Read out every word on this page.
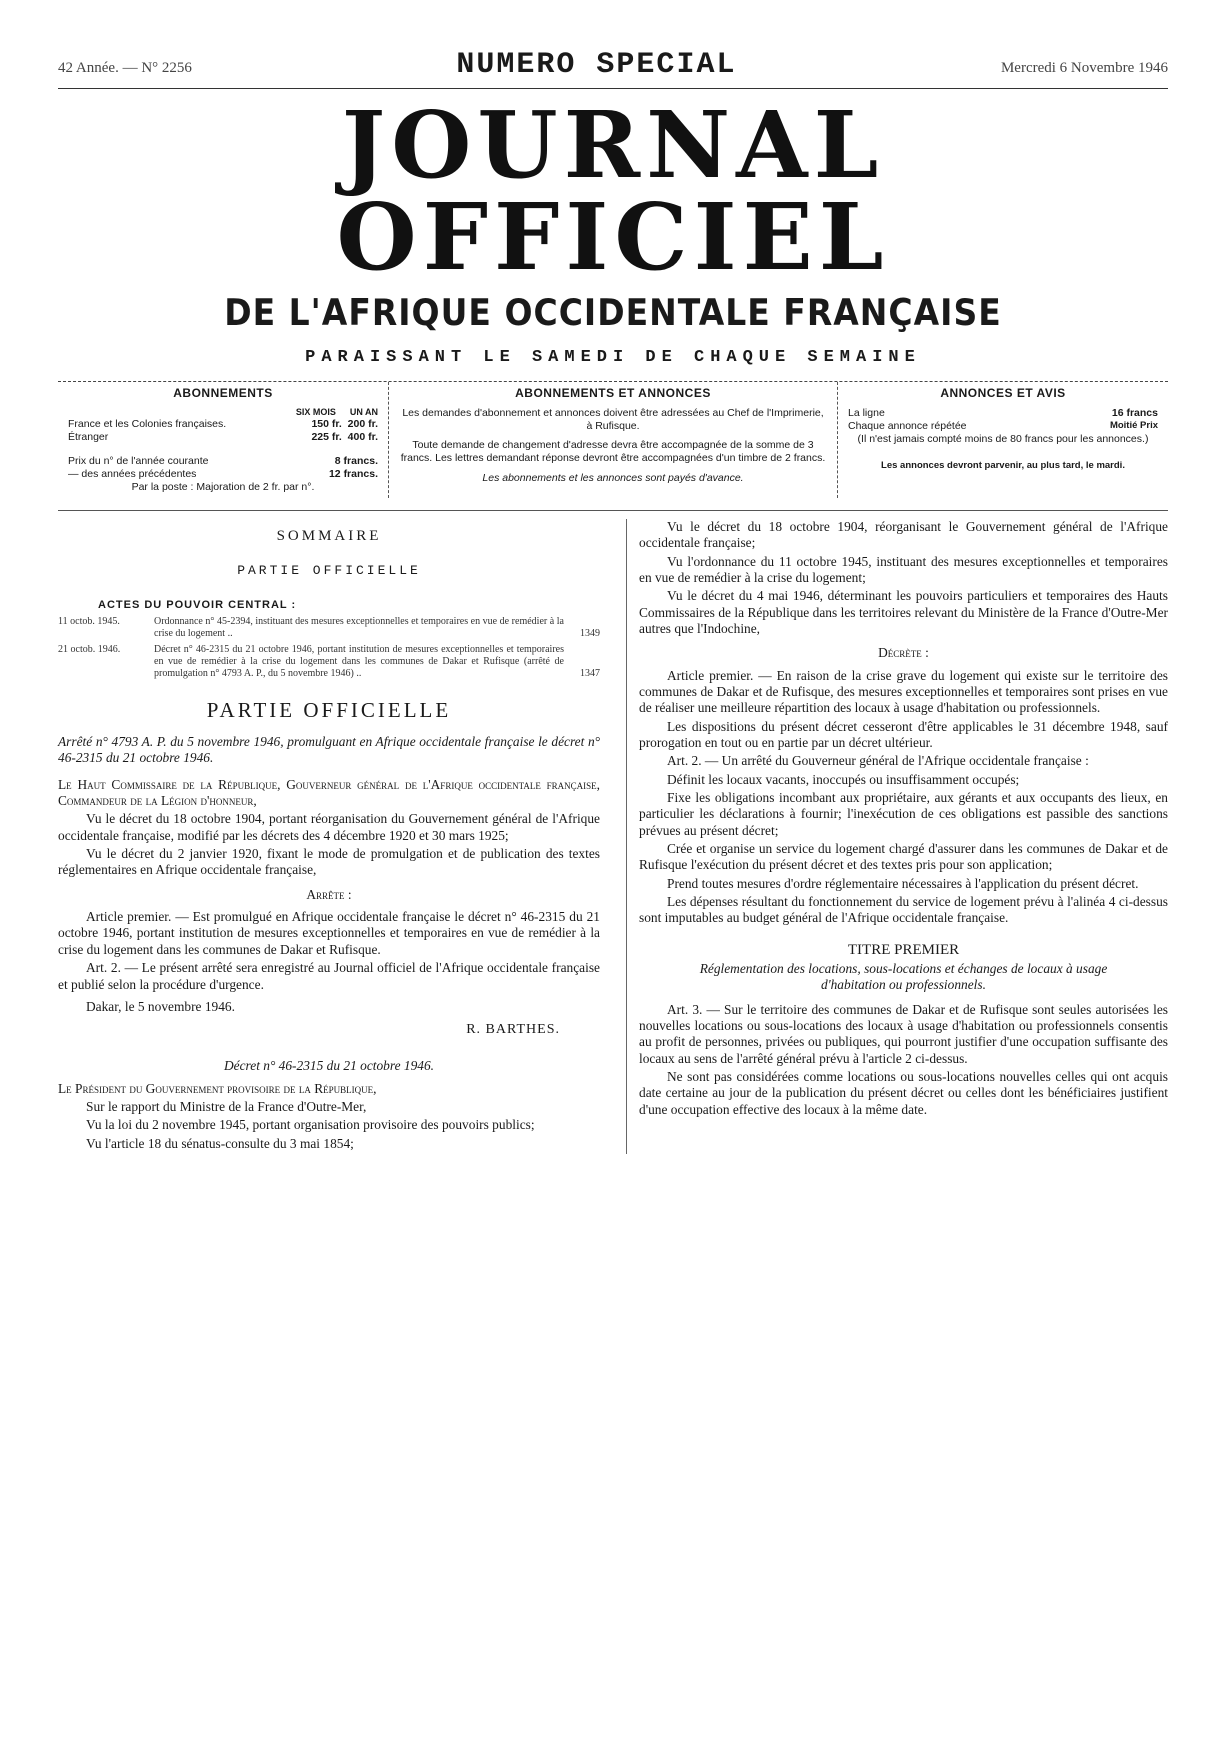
42 Année. — N° 2256	NUMERO SPECIAL	Mercredi 6 Novembre 1946
JOURNAL OFFICIEL
DE L'AFRIQUE OCCIDENTALE FRANÇAISE
PARAISSANT LE SAMEDI DE CHAQUE SEMAINE
ABONNEMENTS
SIX MOIS UN AN
France et les Colonies françaises.	150 fr. 200 fr.
Étranger	225 fr. 400 fr.
Prix du n° de l'année courante	8 francs.
— des années précédentes	12 francs.
Par la poste : Majoration de 2 fr. par n°.
ABONNEMENTS ET ANNONCES
Les demandes d'abonnement et annonces doivent être adressées au Chef de l'Imprimerie, à Rufisque.
Toute demande de changement d'adresse devra être accompagnée de la somme de 3 francs. Les lettres demandant réponse devront être accompagnées d'un timbre de 2 francs.
Les abonnements et les annonces sont payés d'avance.
ANNONCES ET AVIS
La ligne	16 francs
Chaque annonce répétée	Moitié Prix
(Il n'est jamais compté moins de 80 francs pour les annonces.)
Les annonces devront parvenir, au plus tard, le mardi.
SOMMAIRE
PARTIE OFFICIELLE
ACTES DU POUVOIR CENTRAL :
11 octob. 1945.	Ordonnance n° 45-2394, instituant des mesures exceptionnelles et temporaires en vue de remédier à la crise du logement ..	1349
21 octob. 1946.	Décret n° 46-2315 du 21 octobre 1946, portant institution de mesures exceptionnelles et temporaires en vue de remédier à la crise du logement dans les communes de Dakar et Rufisque (arrêté de promulgation n° 4793 A. P., du 5 novembre 1946) ..	1347
PARTIE OFFICIELLE

Arrêté n° 4793 A. P. du 5 novembre 1946, promulguant en Afrique occidentale française le décret n° 46-2315 du 21 octobre 1946.

Le Haut Commissaire de la République, Gouverneur général de l'Afrique occidentale française, Commandeur de la Légion d'honneur,

Vu le décret du 18 octobre 1904, portant réorganisation du Gouvernement général de l'Afrique occidentale française, modifié par les décrets des 4 décembre 1920 et 30 mars 1925;

Vu le décret du 2 janvier 1920, fixant le mode de promulgation et de publication des textes réglementaires en Afrique occidentale française,

Arrête :

Article premier. — Est promulgué en Afrique occidentale française le décret n° 46-2315 du 21 octobre 1946, portant institution de mesures exceptionnelles et temporaires en vue de remédier à la crise du logement dans les communes de Dakar et Rufisque.

Art. 2. — Le présent arrêté sera enregistré au Journal officiel de l'Afrique occidentale française et publié selon la procédure d'urgence.

Dakar, le 5 novembre 1946.

R. BARTHES.
Décret n° 46-2315 du 21 octobre 1946.

Le Président du Gouvernement provisoire de la République,

Sur le rapport du Ministre de la France d'Outre-Mer,

Vu la loi du 2 novembre 1945, portant organisation provisoire des pouvoirs publics;

Vu l'article 18 du sénatus-consulte du 3 mai 1854;

Vu le décret du 18 octobre 1904, réorganisant le Gouvernement général de l'Afrique occidentale française;

Vu l'ordonnance du 11 octobre 1945, instituant des mesures exceptionnelles et temporaires en vue de remédier à la crise du logement;

Vu le décret du 4 mai 1946, déterminant les pouvoirs particuliers et temporaires des Hauts Commissaires de la République dans les territoires relevant du Ministère de la France d'Outre-Mer autres que l'Indochine,

Décrète :

Article premier. — En raison de la crise grave du logement qui existe sur le territoire des communes de Dakar et de Rufisque, des mesures exceptionnelles et temporaires sont prises en vue de réaliser une meilleure répartition des locaux à usage d'habitation ou professionnels.

Les dispositions du présent décret cesseront d'être applicables le 31 décembre 1948, sauf prorogation en tout ou en partie par un décret ultérieur.

Art. 2. — Un arrêté du Gouverneur général de l'Afrique occidentale française :

Définit les locaux vacants, inoccupés ou insuffisamment occupés;

Fixe les obligations incombant aux propriétaire, aux gérants et aux occupants des lieux, en particulier les déclarations à fournir; l'inexécution de ces obligations est passible des sanctions prévues au présent décret;

Crée et organise un service du logement chargé d'assurer dans les communes de Dakar et de Rufisque l'exécution du présent décret et des textes pris pour son application;

Prend toutes mesures d'ordre réglementaire nécessaires à l'application du présent décret.

Les dépenses résultant du fonctionnement du service de logement prévu à l'alinéa 4 ci-dessus sont imputables au budget général de l'Afrique occidentale française.

TITRE PREMIER
Réglementation des locations, sous-locations et échanges de locaux à usage d'habitation ou professionnels.

Art. 3. — Sur le territoire des communes de Dakar et de Rufisque sont seules autorisées les nouvelles locations ou sous-locations des locaux à usage d'habitation ou professionnels consentis au profit de personnes, privées ou publiques, qui pourront justifier d'une occupation suffisante des locaux au sens de l'arrêté général prévu à l'article 2 ci-dessus.

Ne sont pas considérées comme locations ou sous-locations nouvelles celles qui ont acquis date certaine au jour de la publication du présent décret ou celles dont les bénéficiaires justifient d'une occupation effective des locaux à la même date.
